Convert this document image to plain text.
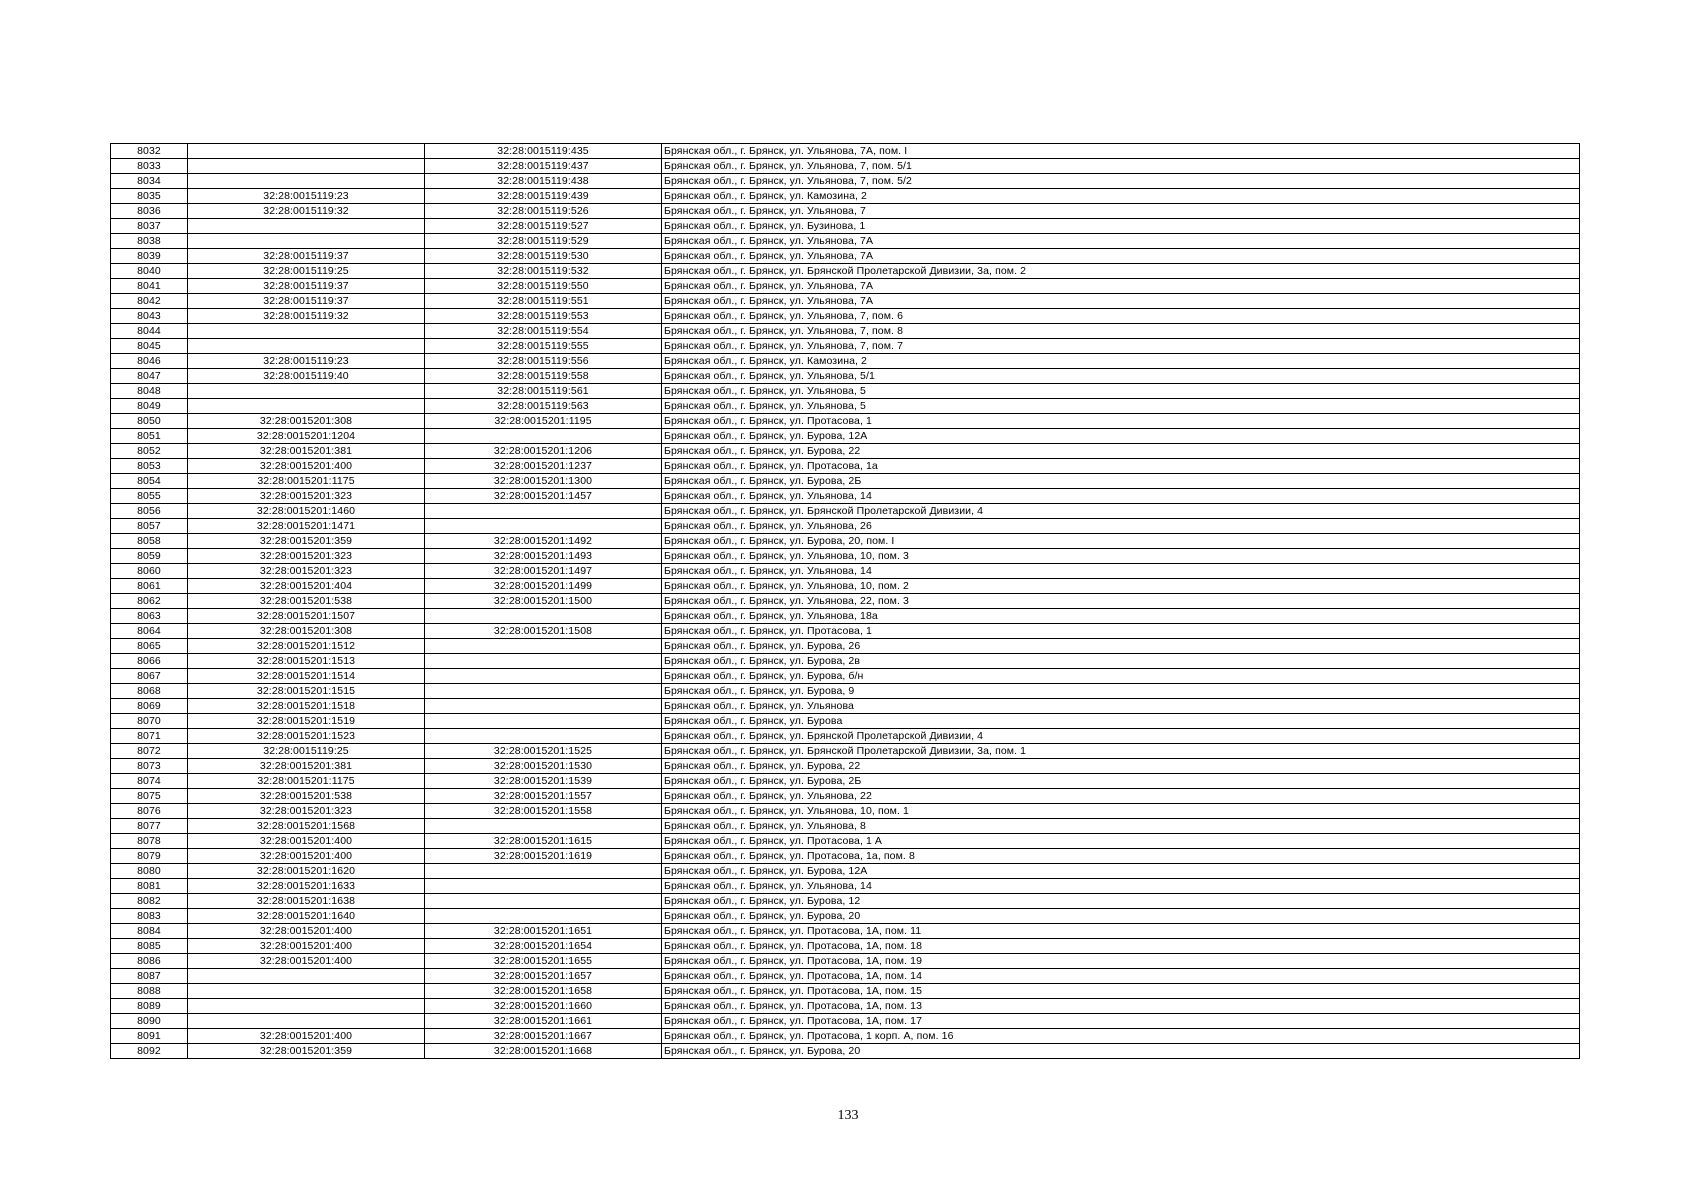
8032		32:28:0015119:435	Брянская обл., г. Брянск, ул. Ульянова, 7А, пом. I
8033		32:28:0015119:437	Брянская обл., г. Брянск, ул. Ульянова, 7, пом. 5/1
8034		32:28:0015119:438	Брянская обл., г. Брянск, ул. Ульянова, 7, пом. 5/2
8035	32:28:0015119:23	32:28:0015119:439	Брянская обл., г. Брянск, ул. Камозина, 2
8036	32:28:0015119:32	32:28:0015119:526	Брянская обл., г. Брянск, ул. Ульянова, 7
8037		32:28:0015119:527	Брянская обл., г. Брянск, ул. Бузинова, 1
8038		32:28:0015119:529	Брянская обл., г. Брянск, ул. Ульянова, 7А
8039	32:28:0015119:37	32:28:0015119:530	Брянская обл., г. Брянск, ул. Ульянова, 7А
8040	32:28:0015119:25	32:28:0015119:532	Брянская обл., г. Брянск, ул. Брянской Пролетарской Дивизии, 3а, пом. 2
8041	32:28:0015119:37	32:28:0015119:550	Брянская обл., г. Брянск, ул. Ульянова, 7А
8042	32:28:0015119:37	32:28:0015119:551	Брянская обл., г. Брянск, ул. Ульянова, 7А
8043	32:28:0015119:32	32:28:0015119:553	Брянская обл., г. Брянск, ул. Ульянова, 7, пом. 6
8044		32:28:0015119:554	Брянская обл., г. Брянск, ул. Ульянова, 7, пом. 8
8045		32:28:0015119:555	Брянская обл., г. Брянск, ул. Ульянова, 7, пом. 7
8046	32:28:0015119:23	32:28:0015119:556	Брянская обл., г. Брянск, ул. Камозина, 2
8047	32:28:0015119:40	32:28:0015119:558	Брянская обл., г. Брянск, ул. Ульянова, 5/1
8048		32:28:0015119:561	Брянская обл., г. Брянск, ул. Ульянова, 5
8049		32:28:0015119:563	Брянская обл., г. Брянск, ул. Ульянова, 5
8050	32:28:0015201:308	32:28:0015201:1195	Брянская обл., г. Брянск, ул. Протасова, 1
8051	32:28:0015201:1204		Брянская обл., г. Брянск, ул. Бурова, 12А
8052	32:28:0015201:381	32:28:0015201:1206	Брянская обл., г. Брянск, ул. Бурова, 22
8053	32:28:0015201:400	32:28:0015201:1237	Брянская обл., г. Брянск, ул. Протасова, 1а
8054	32:28:0015201:1175	32:28:0015201:1300	Брянская обл., г. Брянск, ул. Бурова, 2Б
8055	32:28:0015201:323	32:28:0015201:1457	Брянская обл., г. Брянск, ул. Ульянова, 14
8056	32:28:0015201:1460		Брянская обл., г. Брянск, ул. Брянской Пролетарской Дивизии, 4
8057	32:28:0015201:1471		Брянская обл., г. Брянск, ул. Ульянова, 26
8058	32:28:0015201:359	32:28:0015201:1492	Брянская обл., г. Брянск, ул. Бурова, 20, пом. I
8059	32:28:0015201:323	32:28:0015201:1493	Брянская обл., г. Брянск, ул. Ульянова, 10, пом. 3
8060	32:28:0015201:323	32:28:0015201:1497	Брянская обл., г. Брянск, ул. Ульянова, 14
8061	32:28:0015201:404	32:28:0015201:1499	Брянская обл., г. Брянск, ул. Ульянова, 10, пом. 2
8062	32:28:0015201:538	32:28:0015201:1500	Брянская обл., г. Брянск, ул. Ульянова, 22, пом. 3
8063	32:28:0015201:1507		Брянская обл., г. Брянск, ул. Ульянова, 18а
8064	32:28:0015201:308	32:28:0015201:1508	Брянская обл., г. Брянск, ул. Протасова, 1
8065	32:28:0015201:1512		Брянская обл., г. Брянск, ул. Бурова, 26
8066	32:28:0015201:1513		Брянская обл., г. Брянск, ул. Бурова, 2в
8067	32:28:0015201:1514		Брянская обл., г. Брянск, ул. Бурова, б/н
8068	32:28:0015201:1515		Брянская обл., г. Брянск, ул. Бурова, 9
8069	32:28:0015201:1518		Брянская обл., г. Брянск, ул. Ульянова
8070	32:28:0015201:1519		Брянская обл., г. Брянск, ул. Бурова
8071	32:28:0015201:1523		Брянская обл., г. Брянск, ул. Брянской Пролетарской Дивизии, 4
8072	32:28:0015119:25	32:28:0015201:1525	Брянская обл., г. Брянск, ул. Брянской Пролетарской Дивизии, 3а, пом. 1
8073	32:28:0015201:381	32:28:0015201:1530	Брянская обл., г. Брянск, ул. Бурова, 22
8074	32:28:0015201:1175	32:28:0015201:1539	Брянская обл., г. Брянск, ул. Бурова, 2Б
8075	32:28:0015201:538	32:28:0015201:1557	Брянская обл., г. Брянск, ул. Ульянова, 22
8076	32:28:0015201:323	32:28:0015201:1558	Брянская обл., г. Брянск, ул. Ульянова, 10, пом. 1
8077	32:28:0015201:1568		Брянская обл., г. Брянск, ул. Ульянова, 8
8078	32:28:0015201:400	32:28:0015201:1615	Брянская обл., г. Брянск, ул. Протасова, 1 А
8079	32:28:0015201:400	32:28:0015201:1619	Брянская обл., г. Брянск, ул. Протасова, 1а, пом. 8
8080	32:28:0015201:1620		Брянская обл., г. Брянск, ул. Бурова, 12А
8081	32:28:0015201:1633		Брянская обл., г. Брянск, ул. Ульянова, 14
8082	32:28:0015201:1638		Брянская обл., г. Брянск, ул. Бурова, 12
8083	32:28:0015201:1640		Брянская обл., г. Брянск, ул. Бурова, 20
8084	32:28:0015201:400	32:28:0015201:1651	Брянская обл., г. Брянск, ул. Протасова, 1А, пом. 11
8085	32:28:0015201:400	32:28:0015201:1654	Брянская обл., г. Брянск, ул. Протасова, 1А, пом. 18
8086	32:28:0015201:400	32:28:0015201:1655	Брянская обл., г. Брянск, ул. Протасова, 1А, пом. 19
8087		32:28:0015201:1657	Брянская обл., г. Брянск, ул. Протасова, 1А, пом. 14
8088		32:28:0015201:1658	Брянская обл., г. Брянск, ул. Протасова, 1А, пом. 15
8089		32:28:0015201:1660	Брянская обл., г. Брянск, ул. Протасова, 1А, пом. 13
8090		32:28:0015201:1661	Брянская обл., г. Брянск, ул. Протасова, 1А, пом. 17
8091	32:28:0015201:400	32:28:0015201:1667	Брянская обл., г. Брянск, ул. Протасова, 1 корп. А, пом. 16
8092	32:28:0015201:359	32:28:0015201:1668	Брянская обл., г. Брянск, ул. Бурова, 20
133
